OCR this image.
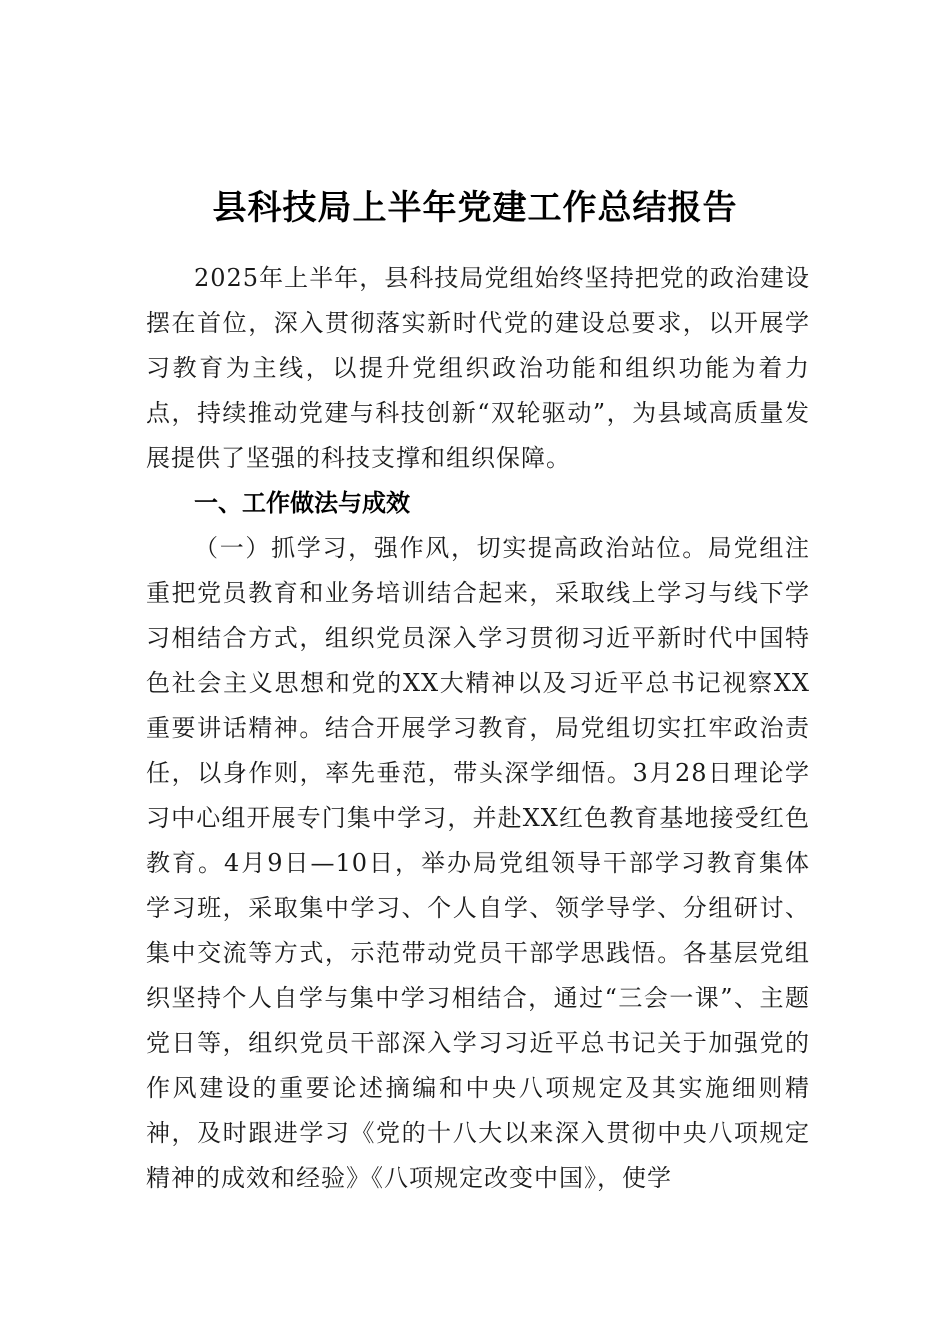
县科技局上半年党建工作总结报告

2025年上半年，县科技局党组始终坚持把党的政治建设摆在首位，深入贯彻落实新时代党的建设总要求，以开展学习教育为主线，以提升党组织政治功能和组织功能为着力点，持续推动党建与科技创新“双轮驱动”，为县域高质量发展提供了坚强的科技支撑和组织保障。

一、工作做法与成效

（一）抓学习，强作风，切实提高政治站位。局党组注重把党员教育和业务培训结合起来，采取线上学习与线下学习相结合方式，组织党员深入学习贯彻习近平新时代中国特色社会主义思想和党的XX大精神以及习近平总书记视察XX重要讲话精神。结合开展学习教育，局党组切实扛牢政治责任，以身作则，率先垂范，带头深学细悟。3月28日理论学习中心组开展专门集中学习，并赴XX红色教育基地接受红色教育。4月9日—10日，举办局党组领导干部学习教育集体学习班，采取集中学习、个人自学、领学导学、分组研讨、集中交流等方式，示范带动党员干部学思践悟。各基层党组织坚持个人自学与集中学习相结合，通过“三会一课”、主题党日等，组织党员干部深入学习习近平总书记关于加强党的作风建设的重要论述摘编和中央八项规定及其实施细则精神，及时跟进学习《党的十八大以来深入贯彻中央八项规定精神的成效和经验》《八项规定改变中国》，使学
